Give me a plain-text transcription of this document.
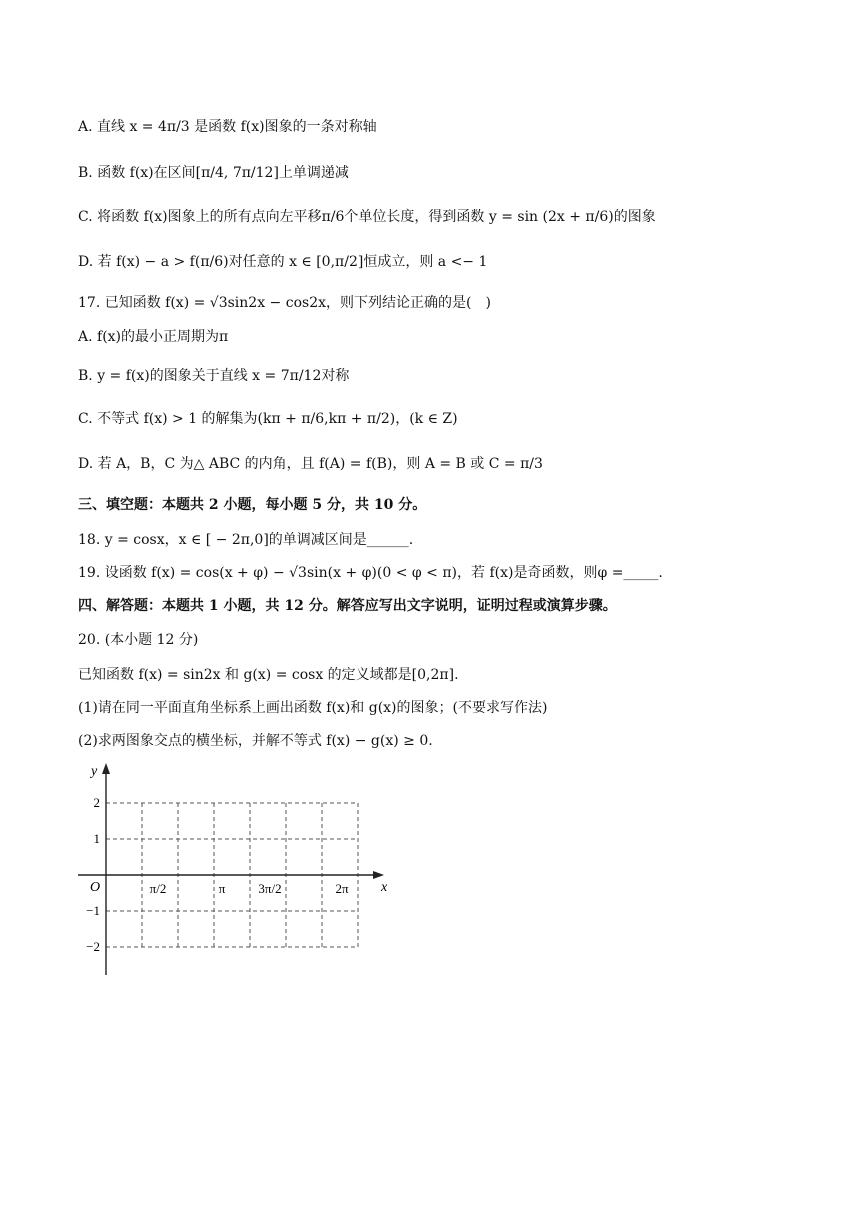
A. 直线 x = 4π/3 是函数 f(x)图象的一条对称轴
B. 函数 f(x)在区间[π/4, 7π/12]上单调递减
C. 将函数 f(x)图象上的所有点向左平移π/6个单位长度，得到函数 y = sin (2x + π/6)的图象
D. 若 f(x) − a > f(π/6)对任意的 x ∈ [0,π/2]恒成立，则 a <− 1
17. 已知函数 f(x) = √3sin2x − cos2x，则下列结论正确的是(　)
A. f(x)的最小正周期为π
B. y = f(x)的图象关于直线 x = 7π/12对称
C. 不等式 f(x) > 1 的解集为(kπ + π/6,kπ + π/2)，(k ∈ Z)
D. 若 A，B，C 为△ ABC 的内角，且 f(A) = f(B)，则 A = B 或 C = π/3
三、填空题：本题共 2 小题，每小题 5 分，共 10 分。
18. y = cosx，x ∈ [ − 2π,0]的单调减区间是______.
19. 设函数 f(x) = cos(x + φ) − √3sin(x + φ)(0 < φ < π)，若 f(x)是奇函数，则φ =_____.
四、解答题：本题共 1 小题，共 12 分。解答应写出文字说明，证明过程或演算步骤。
20. (本小题 12 分)
已知函数 f(x) = sin2x 和 g(x) = cosx 的定义域都是[0,2π].
(1)请在同一平面直角坐标系上画出函数 f(x)和 g(x)的图象；(不要求写作法)
(2)求两图象交点的横坐标，并解不等式 f(x) − g(x) ≥ 0.
y
x
O
2
1
−1
−2
π/2	π	3π/2	2π
